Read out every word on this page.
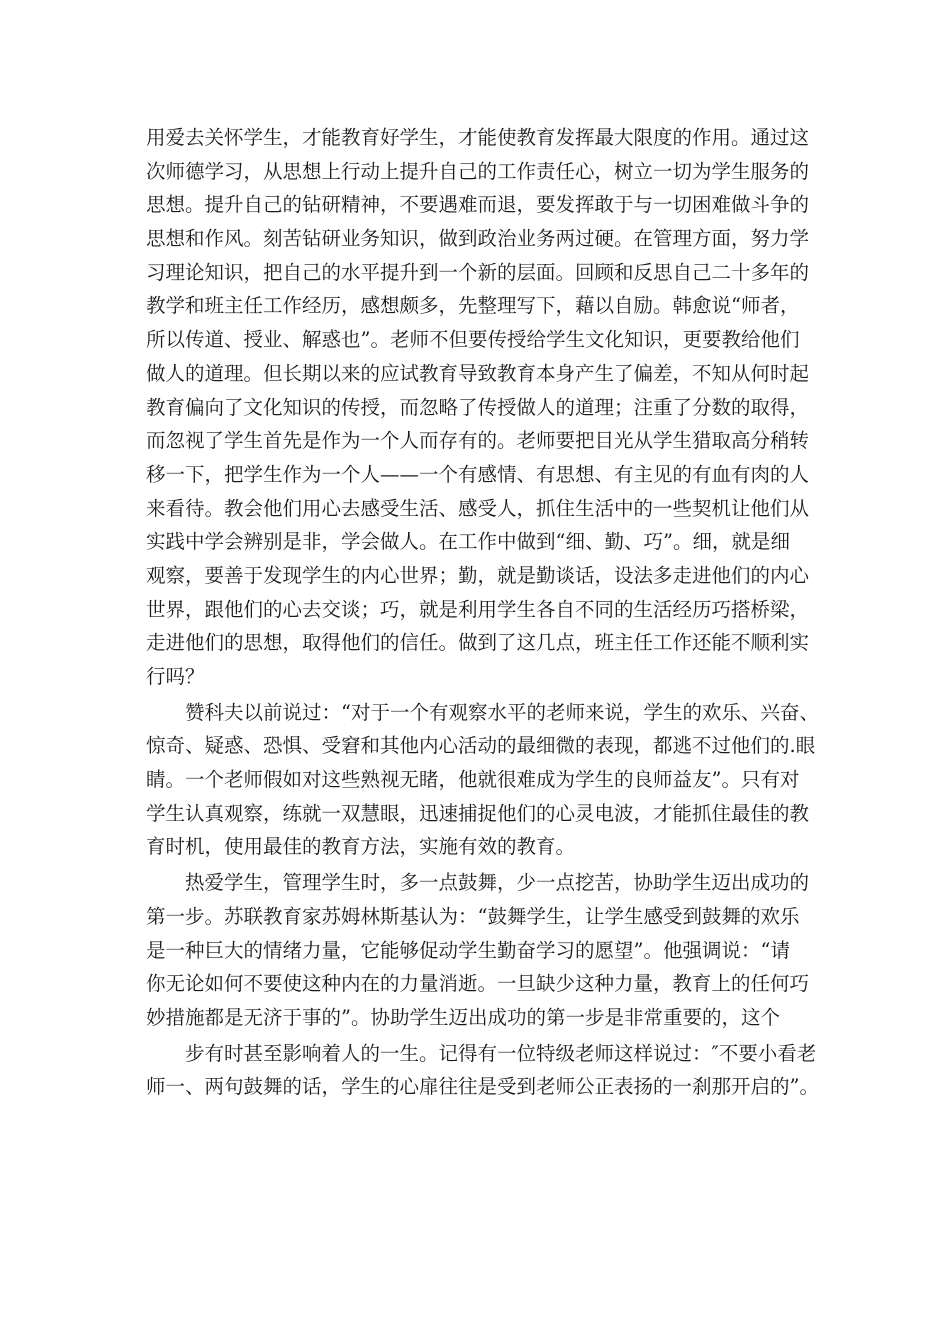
用爱去关怀学生，才能教育好学生，才能使教育发挥最大限度的作用。通过这
次师德学习，从思想上行动上提升自己的工作责任心，树立一切为学生服务的
思想。提升自己的钻研精神，不要遇难而退，要发挥敢于与一切困难做斗争的
思想和作风。刻苦钻研业务知识，做到政治业务两过硬。在管理方面，努力学
习理论知识，把自己的水平提升到一个新的层面。回顾和反思自己二十多年的
教学和班主任工作经历，感想颇多，先整理写下，藉以自励。韩愈说“师者，
所以传道、授业、解惑也”。老师不但要传授给学生文化知识，更要教给他们
做人的道理。但长期以来的应试教育导致教育本身产生了偏差，不知从何时起
教育偏向了文化知识的传授，而忽略了传授做人的道理；注重了分数的取得，
而忽视了学生首先是作为一个人而存有的。老师要把目光从学生猎取高分稍转
移一下，把学生作为一个人——一个有感情、有思想、有主见的有血有肉的人
来看待。教会他们用心去感受生活、感受人，抓住生活中的一些契机让他们从
实践中学会辨别是非，学会做人。在工作中做到“细、勤、巧”。细，就是细
观察，要善于发现学生的内心世界；勤，就是勤谈话，设法多走进他们的内心
世界，跟他们的心去交谈；巧，就是利用学生各自不同的生活经历巧搭桥梁，
走进他们的思想，取得他们的信任。做到了这几点，班主任工作还能不顺利实
行吗？
　　赞科夫以前说过：“对于一个有观察水平的老师来说，学生的欢乐、兴奋、
惊奇、疑惑、恐惧、受窘和其他内心活动的最细微的表现，都逃不过他们的.眼
睛。一个老师假如对这些熟视无睹，他就很难成为学生的良师益友”。只有对
学生认真观察，练就一双慧眼，迅速捕捉他们的心灵电波，才能抓住最佳的教
育时机，使用最佳的教育方法，实施有效的教育。
　　热爱学生，管理学生时，多一点鼓舞，少一点挖苦，协助学生迈出成功的
第一步。苏联教育家苏姆林斯基认为：“鼓舞学生，让学生感受到鼓舞的欢乐
是一种巨大的情绪力量，它能够促动学生勤奋学习的愿望”。他强调说：“请
你无论如何不要使这种内在的力量消逝。一旦缺少这种力量，教育上的任何巧
妙措施都是无济于事的”。协助学生迈出成功的第一步是非常重要的，这个
　　步有时甚至影响着人的一生。记得有一位特级老师这样说过：″不要小看老
师一、两句鼓舞的话，学生的心扉往往是受到老师公正表扬的一刹那开启的”。
